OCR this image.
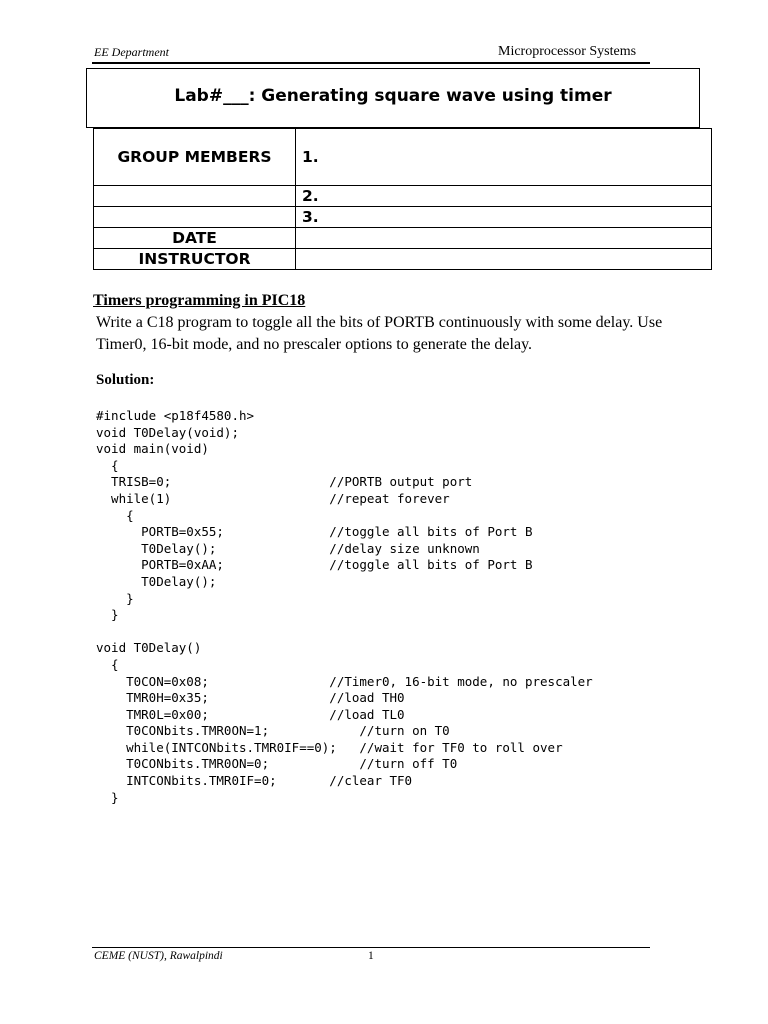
EE Department	Microprocessor Systems
Lab#___: Generating square wave using timer
GROUP MEMBERS	1.
	2.
	3.
DATE	
INSTRUCTOR	
Timers programming in PIC18
Write a C18 program to toggle all the bits of PORTB continuously with some delay. Use Timer0, 16-bit mode, and no prescaler options to generate the delay.
Solution:
#include <p18f4580.h>
void T0Delay(void);
void main(void)
{
TRISB=0;                     //PORTB output port
while(1)                     //repeat forever
{
PORTB=0x55;              //toggle all bits of Port B
T0Delay();               //delay size unknown
PORTB=0xAA;              //toggle all bits of Port B
T0Delay();
}
}
void T0Delay()
{
T0CON=0x08;                //Timer0, 16-bit mode, no prescaler
TMR0H=0x35;                //load TH0
TMR0L=0x00;                //load TL0
T0CONbits.TMR0ON=1;            //turn on T0
while(INTCONbits.TMR0IF==0);   //wait for TF0 to roll over
T0CONbits.TMR0ON=0;            //turn off T0
INTCONbits.TMR0IF=0;       //clear TF0
}
CEME (NUST), Rawalpindi	1
